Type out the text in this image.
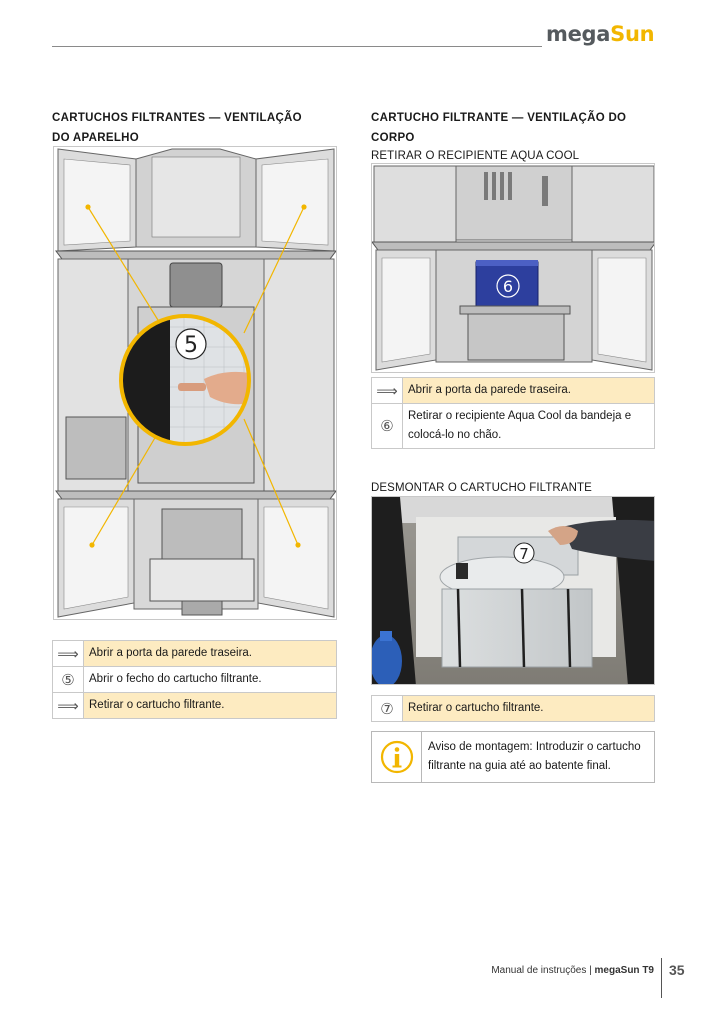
megaSun
CARTUCHOS FILTRANTES — VENTILAÇÃO
DO APARELHO
5
⟹	Abrir a porta da parede traseira.
⑤	Abrir o fecho do cartucho filtrante.
⟹	Retirar o cartucho filtrante.
CARTUCHO FILTRANTE — VENTILAÇÃO DO
CORPO
RETIRAR O RECIPIENTE AQUA COOL
6
⟹	Abrir a porta da parede traseira.
⑥	Retirar o recipiente Aqua Cool da bandeja e colocá-lo no chão.
DESMONTAR O CARTUCHO FILTRANTE
7
⑦	Retirar o cartucho filtrante.
Aviso de montagem: Introduzir o cartucho filtrante na guia até ao batente final.
Manual de instruções | megaSun T9 35
